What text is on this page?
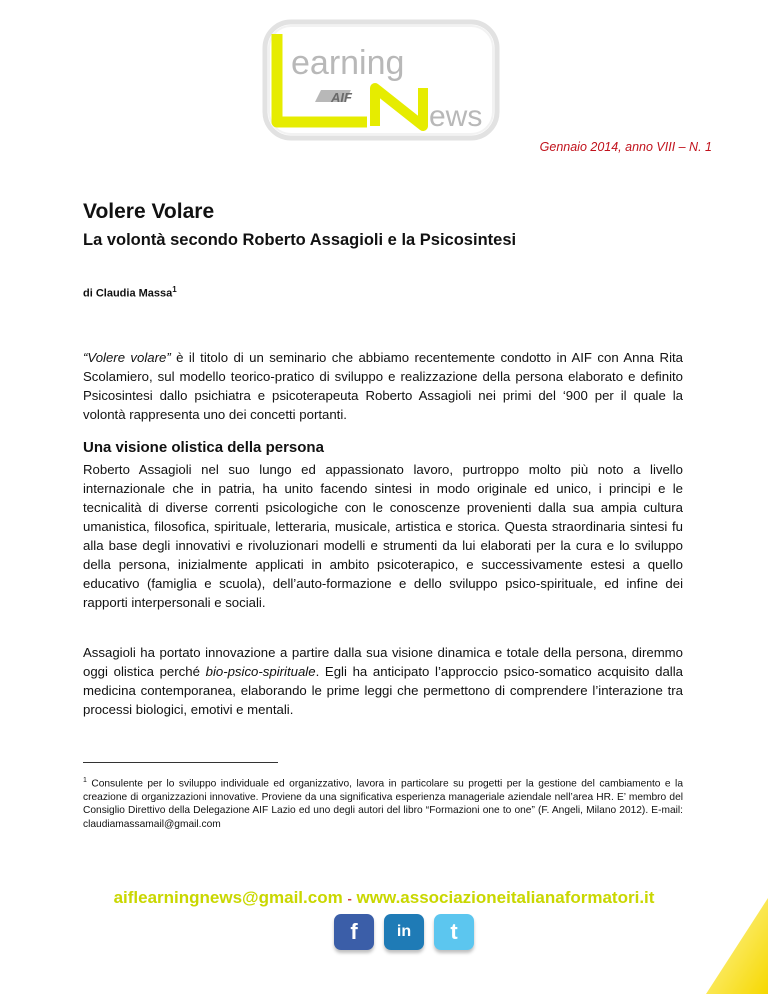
earning
ews
AIF
Gennaio 2014, anno VIII – N. 1
Volere Volare
La volontà secondo Roberto Assagioli e la Psicosintesi
di Claudia Massa$^1$

“Volere volare” è il titolo di un seminario che abbiamo recentemente condotto in AIF con Anna Rita Scolamiero, sul modello teorico-pratico di sviluppo e realizzazione della persona elaborato e definito Psicosintesi dallo psichiatra e psicoterapeuta Roberto Assagioli nei primi del ‘900 per il quale la volontà rappresenta uno dei concetti portanti.

Una visione olistica della persona

Roberto Assagioli nel suo lungo ed appassionato lavoro, purtroppo molto più noto a livello internazionale che in patria, ha unito facendo sintesi in modo originale ed unico, i principi e le tecnicalità di diverse correnti psicologiche con le conoscenze provenienti dalla sua ampia cultura umanistica, filosofica, spirituale, letteraria, musicale, artistica e storica. Questa straordinaria sintesi fu alla base degli innovativi e rivoluzionari modelli e strumenti da lui elaborati per la cura e lo sviluppo della persona, inizialmente applicati in ambito psicoterapico, e successivamente estesi a quello educativo (famiglia e scuola), dell’auto-formazione e dello sviluppo psico-spirituale, ed infine dei rapporti interpersonali e sociali.

Assagioli ha portato innovazione a partire dalla sua visione dinamica e totale della persona, diremmo oggi olistica perché bio-psico-spirituale. Egli ha anticipato l’approccio psico-somatico acquisito dalla medicina contemporanea, elaborando le prime leggi che permettono di comprendere l’interazione tra processi biologici, emotivi e mentali.

$^1$ Consulente per lo sviluppo individuale ed organizzativo, lavora in particolare su progetti per la gestione del cambiamento e la creazione di organizzazioni innovative. Proviene da una significativa esperienza manageriale aziendale nell’area HR. E’ membro del Consiglio Direttivo della Delegazione AIF Lazio ed uno degli autori del libro “Formazioni one to one” (F. Angeli, Milano 2012). E-mail: claudiamassamail@gmail.com

aiflearningnews@gmail.com - www.associazioneitalianaformatori.it
f	in	t
